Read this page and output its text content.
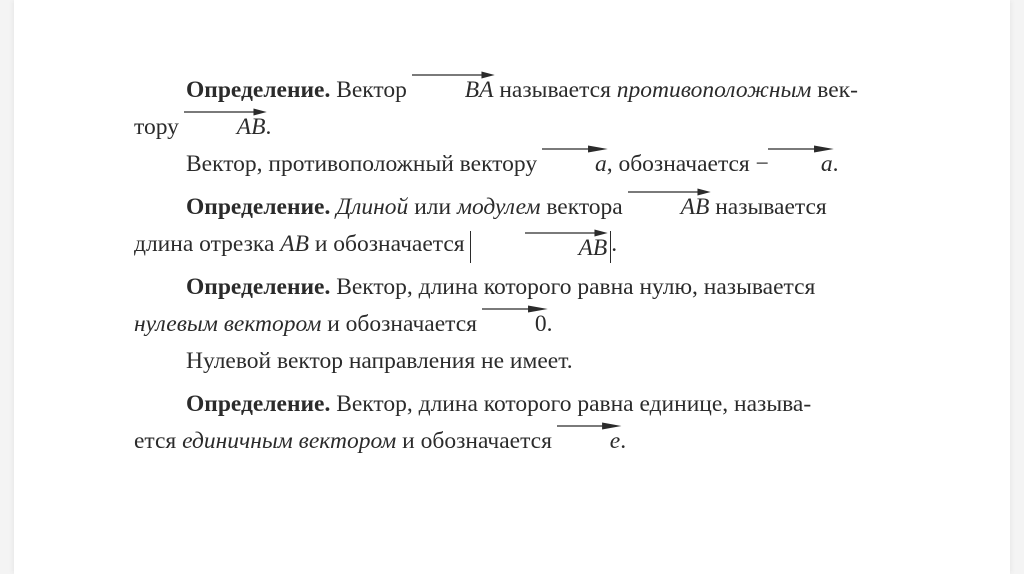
Определение. Вектор BA
называется противоположным век-
тору AB
.

Вектор, противоположный вектору a
, обозначается − a
.

Определение. Длиной или модулем вектора AB
называется
длина отрезка AB и обозначается	AB .

Определение. Вектор, длина которого равна нулю, называется
нулевым вектором и обозначается 0
.

Нулевой вектор направления не имеет.

Определение. Вектор, длина которого равна единице, называ-
ется единичным вектором и обозначается e
.
